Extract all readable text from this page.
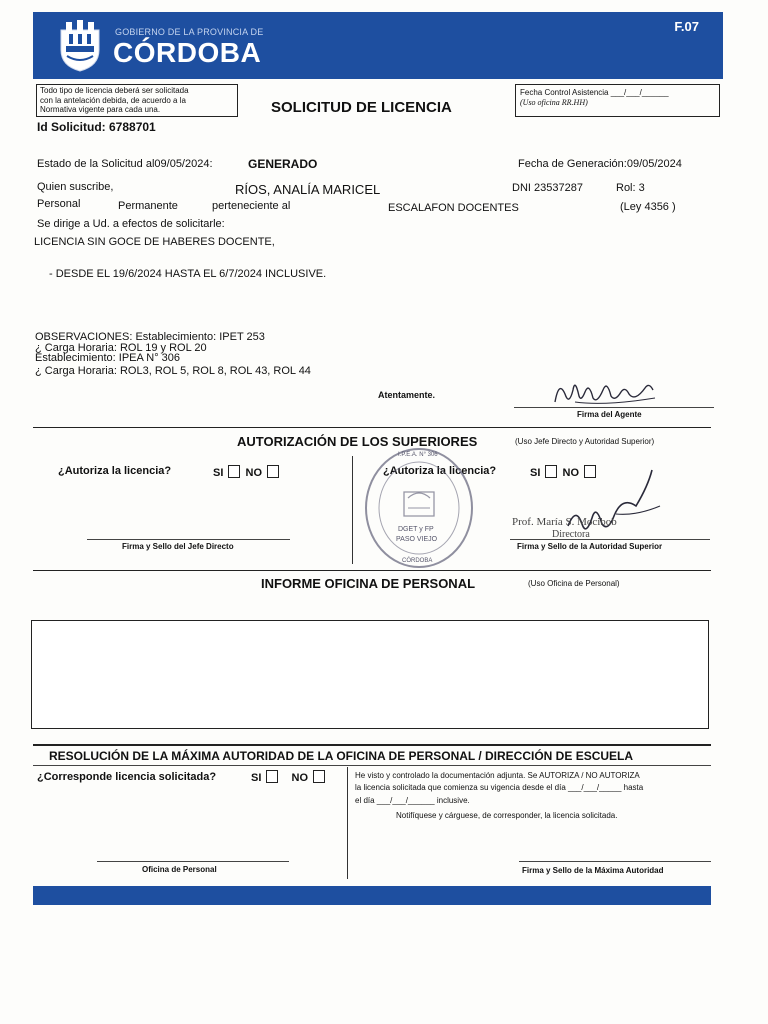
GOBIERNO DE LA PROVINCIA DE
CÓRDOBA
F.07
Todo tipo de licencia deberá ser solicitada
con la antelación debida, de acuerdo a la
Normativa vigente para cada una.	SOLICITUD DE LICENCIA
Fecha Control Asistencia ___/___/______
(Uso oficina RR.HH)
Id Solicitud: 6788701
Estado de la Solicitud al09/05/2024:	GENERADO	Fecha de Generación:09/05/2024
Quien suscribe,	RÍOS, ANALÍA MARICEL	DNI 23537287	Rol: 3
Personal	Permanente	perteneciente al	ESCALAFON DOCENTES	(Ley 4356 )
Se dirige a Ud. a efectos de solicitarle:
LICENCIA SIN GOCE DE HABERES DOCENTE,
- DESDE EL 19/6/2024 HASTA EL 6/7/2024 INCLUSIVE.
OBSERVACIONES: Establecimiento: IPET 253
¿ Carga Horaria: ROL 19 y ROL 20
Establecimiento: IPEA N° 306
¿ Carga Horaria: ROL3, ROL 5, ROL 8, ROL 43, ROL 44
Atentamente.
Firma del Agente
AUTORIZACIÓN DE LOS SUPERIORES	(Uso Jefe Directo y Autoridad Superior)
¿Autoriza la licencia?	SI NO	¿Autoriza la licencia?	SI NO
DGET y FP
PASO VIEJO
I.P.E.A. N° 306
CÓRDOBA
Prof. María S. Mocibob
Directora
Firma y Sello del Jefe Directo	Firma y Sello de la Autoridad Superior
INFORME OFICINA DE PERSONAL	(Uso Oficina de Personal)
RESOLUCIÓN DE LA MÁXIMA AUTORIDAD DE LA OFICINA DE PERSONAL / DIRECCIÓN DE ESCUELA
¿Corresponde licencia solicitada?	SI	NO	He visto y controlado la documentación adjunta. Se AUTORIZA / NO AUTORIZA
la licencia solicitada que comienza su vigencia desde el día ___/___/_____ hasta
el día ___/___/______ inclusive.
Notifíquese y cárguese, de corresponder, la licencia solicitada.
Oficina de Personal	Firma y Sello de la Máxima Autoridad
